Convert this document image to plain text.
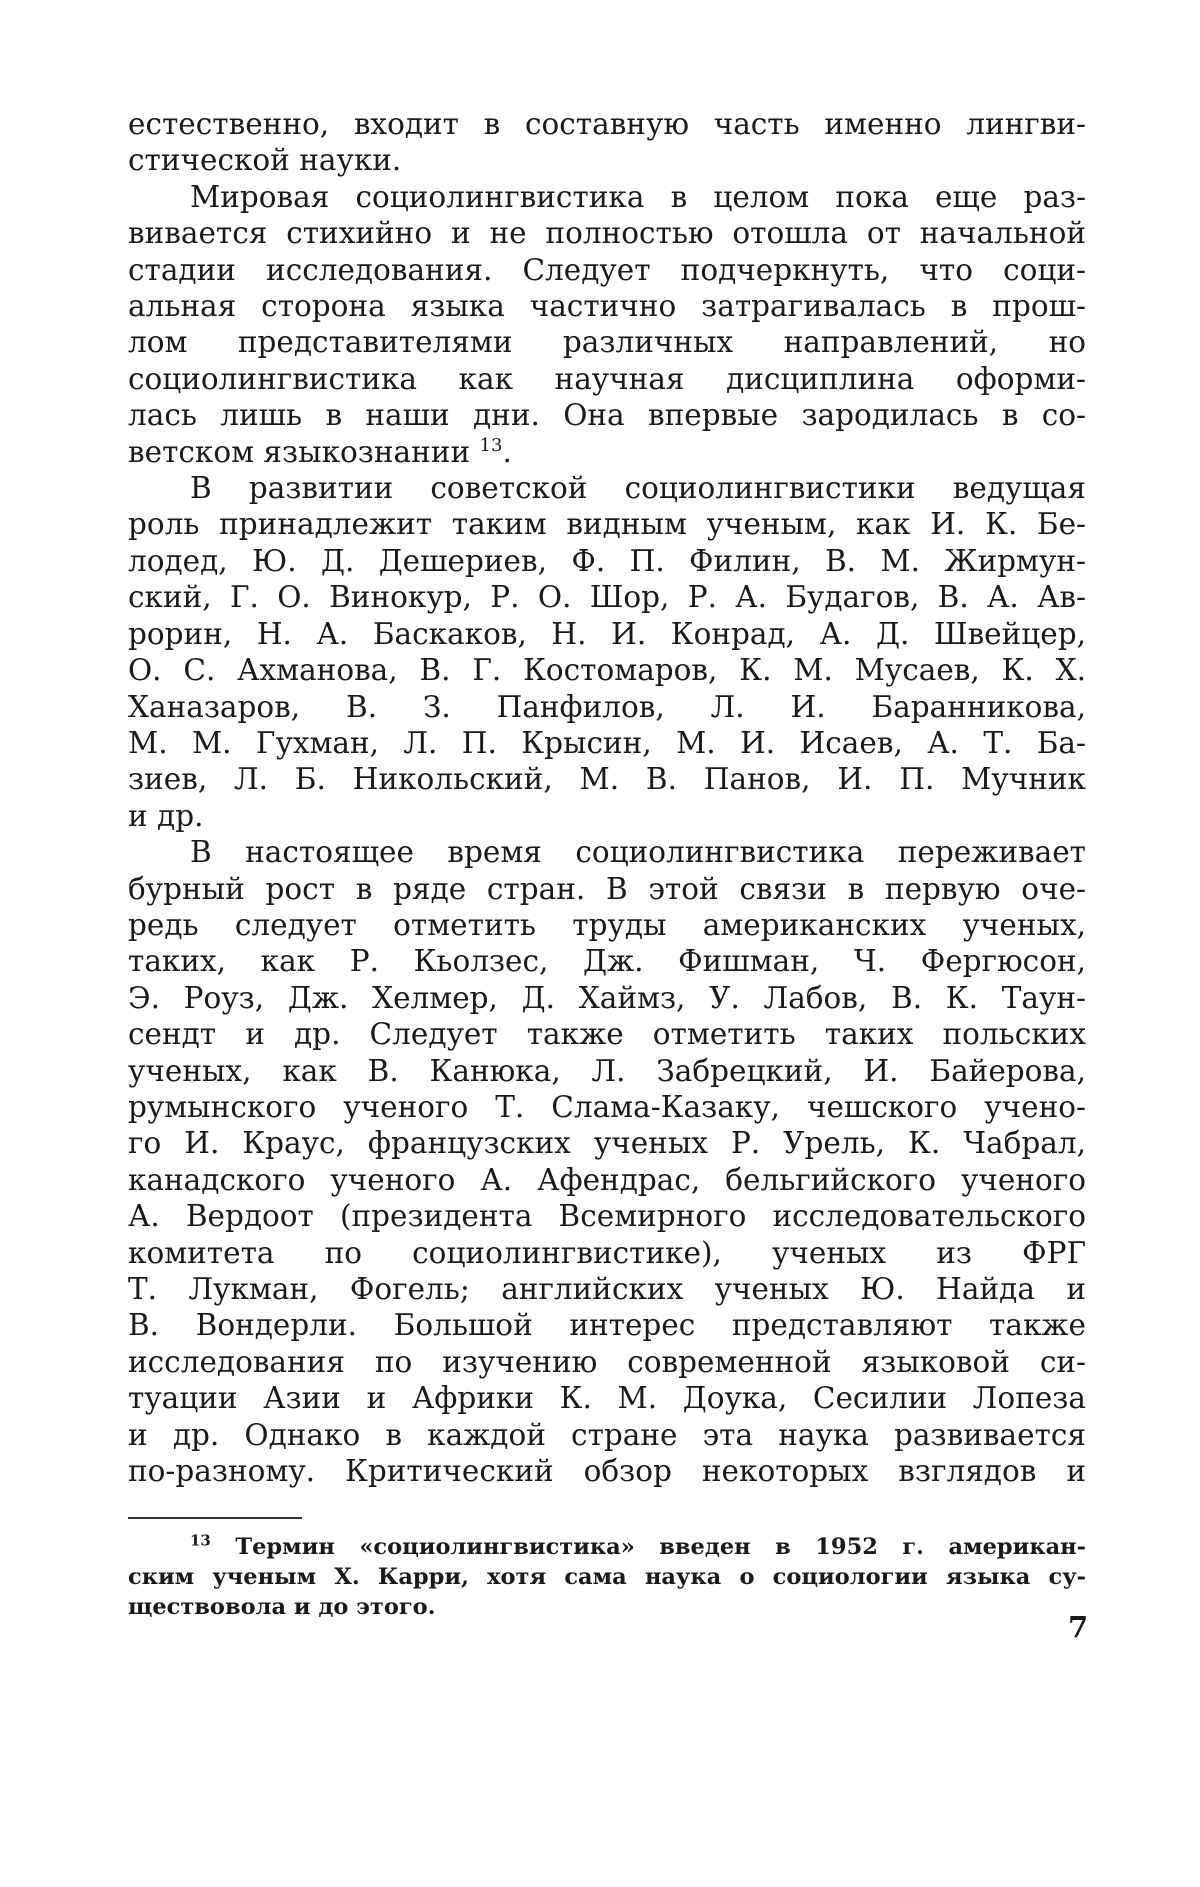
естественно, входит в составную часть именно лингви-
стической науки.

Мировая социолингвистика в целом пока еще раз-
вивается стихийно и не полностью отошла от начальной
стадии исследования. Следует подчеркнуть, что соци-
альная сторона языка частично затрагивалась в прош-
лом представителями различных направлений, но
социолингвистика как научная дисциплина оформи-
лась лишь в наши дни. Она впервые зародилась в со-
ветском языкознании $^{13}$.

В развитии советской социолингвистики ведущая
роль принадлежит таким видным ученым, как И. К. Бе-
лодед, Ю. Д. Дешериев, Ф. П. Филин, В. М. Жирмун-
ский, Г. О. Винокур, Р. О. Шор, Р. А. Будагов, В. А. Ав-
рорин, Н. А. Баскаков, Н. И. Конрад, А. Д. Швейцер,
О. С. Ахманова, В. Г. Костомаров, К. М. Мусаев, К. Х.
Ханазаров, В. З. Панфилов, Л. И. Баранникова,
М. М. Гухман, Л. П. Крысин, М. И. Исаев, А. Т. Ба-
зиев, Л. Б. Никольский, М. В. Панов, И. П. Мучник
и др.

В настоящее время социолингвистика переживает
бурный рост в ряде стран. В этой связи в первую оче-
редь следует отметить труды американских ученых,
таких, как Р. Кьолзес, Дж. Фишман, Ч. Фергюсон,
Э. Роуз, Дж. Хелмер, Д. Хаймз, У. Лабов, В. К. Таун-
сендт и др. Следует также отметить таких польских
ученых, как В. Канюка, Л. Забрецкий, И. Байерова,
румынского ученого Т. Слама-Казаку, чешского учено-
го И. Краус, французских ученых Р. Урель, К. Чабрал,
канадского ученого А. Афендрас, бельгийского ученого
А. Вердоот (президента Всемирного исследовательского
комитета по социолингвистике), ученых из ФРГ
Т. Лукман, Фогель; английских ученых Ю. Найда и
В. Вондерли. Большой интерес представляют также
исследования по изучению современной языковой си-
туации Азии и Африки К. М. Доука, Сесилии Лопеза
и др. Однако в каждой стране эта наука развивается
по-разному. Критический обзор некоторых взглядов и

$^{13}$ Термин «социолингвистика» введен в 1952 г. американ-
ским ученым Х. Карри, хотя сама наука о социологии языка су-
ществовола и до этого.
7
